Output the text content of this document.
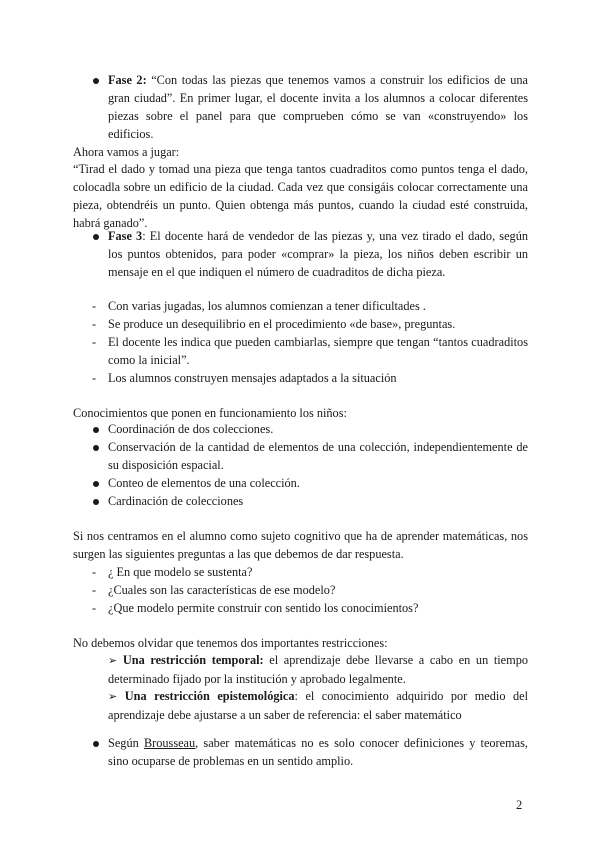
Fase 2: “Con todas las piezas que tenemos vamos a construir los edificios de una gran ciudad”. En primer lugar, el docente invita a los alumnos a colocar diferentes piezas sobre el panel para que comprueben cómo se van «construyendo» los edificios.
Ahora vamos a jugar:
“Tirad el dado y tomad una pieza que tenga tantos cuadraditos como puntos tenga el dado, colocadla sobre un edificio de la ciudad. Cada vez que consigáis colocar correctamente una pieza, obtendréis un punto. Quien obtenga más puntos, cuando la ciudad esté construida, habrá ganado”.
Fase 3: El docente hará de vendedor de las piezas y, una vez tirado el dado, según los puntos obtenidos, para poder «comprar» la pieza, los niños deben escribir un mensaje en el que indiquen el número de cuadraditos de dicha pieza.
- Con varias jugadas, los alumnos comienzan a tener dificultades .
- Se produce un desequilibrio en el procedimiento «de base», preguntas.
- El docente les indica que pueden cambiarlas, siempre que tengan “tantos cuadraditos como la inicial”.
- Los alumnos construyen mensajes adaptados a la situación
Conocimientos que ponen en funcionamiento los niños:
Coordinación de dos colecciones.
Conservación de la cantidad de elementos de una colección, independientemente de su disposición espacial.
Conteo de elementos de una colección.
Cardinación de colecciones
Si nos centramos en el alumno como sujeto cognitivo que ha de aprender matemáticas, nos surgen las siguientes preguntas a las que debemos de dar respuesta.
- ¿ En que modelo se sustenta?
- ¿Cuales son las características de ese modelo?
- ¿Que modelo permite construir con sentido los conocimientos?
No debemos olvidar que tenemos dos importantes restricciones:
➢ Una restricción temporal: el aprendizaje debe llevarse a cabo en un tiempo determinado fijado por la institución y aprobado legalmente.
➢ Una restricción epistemológica: el conocimiento adquirido por medio del aprendizaje debe ajustarse a un saber de referencia: el saber matemático
Según Brousseau, saber matemáticas no es solo conocer definiciones y teoremas, sino ocuparse de problemas en un sentido amplio.
2
